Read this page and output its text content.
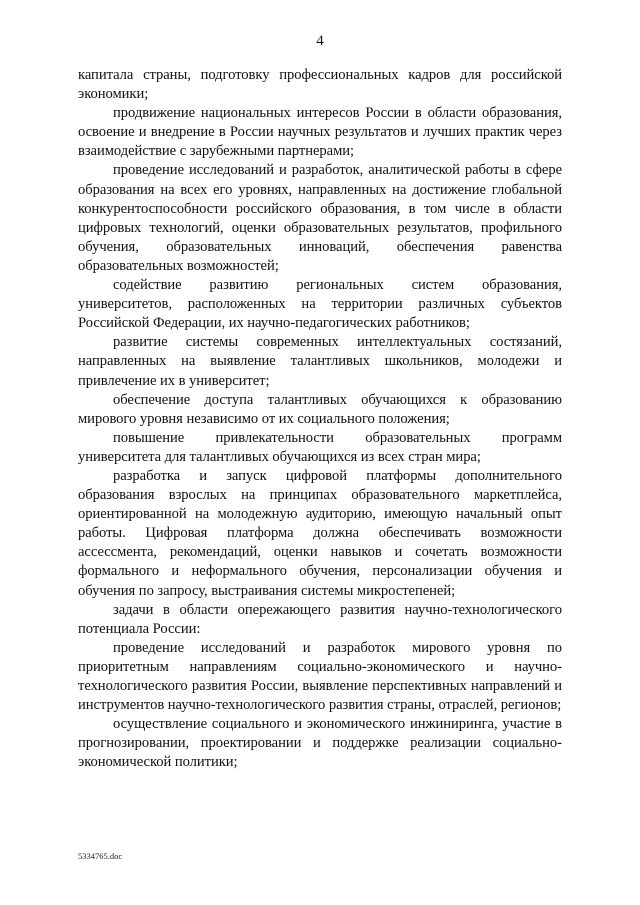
4

капитала страны, подготовку профессиональных кадров для российской экономики;

продвижение национальных интересов России в области образования, освоение и внедрение в России научных результатов и лучших практик через взаимодействие с зарубежными партнерами;

проведение исследований и разработок, аналитической работы в сфере образования на всех его уровнях, направленных на достижение глобальной конкурентоспособности российского образования, в том числе в области цифровых технологий, оценки образовательных результатов, профильного обучения, образовательных инноваций, обеспечения равенства образовательных возможностей;

содействие развитию региональных систем образования, университетов, расположенных на территории различных субъектов Российской Федерации, их научно-педагогических работников;

развитие системы современных интеллектуальных состязаний, направленных на выявление талантливых школьников, молодежи и привлечение их в университет;

обеспечение доступа талантливых обучающихся к образованию мирового уровня независимо от их социального положения;

повышение привлекательности образовательных программ университета для талантливых обучающихся из всех стран мира;

разработка и запуск цифровой платформы дополнительного образования взрослых на принципах образовательного маркетплейса, ориентированной на молодежную аудиторию, имеющую начальный опыт работы. Цифровая платформа должна обеспечивать возможности ассессмента, рекомендаций, оценки навыков и сочетать возможности формального и неформального обучения, персонализации обучения и обучения по запросу, выстраивания системы микростепеней;

задачи в области опережающего развития научно-технологического потенциала России:

проведение исследований и разработок мирового уровня по приоритетным направлениям социально-экономического и научно-технологического развития России, выявление перспективных направлений и инструментов научно-технологического развития страны, отраслей, регионов;

осуществление социального и экономического инжиниринга, участие в прогнозировании, проектировании и поддержке реализации социально-экономической политики;

5334765.doc
